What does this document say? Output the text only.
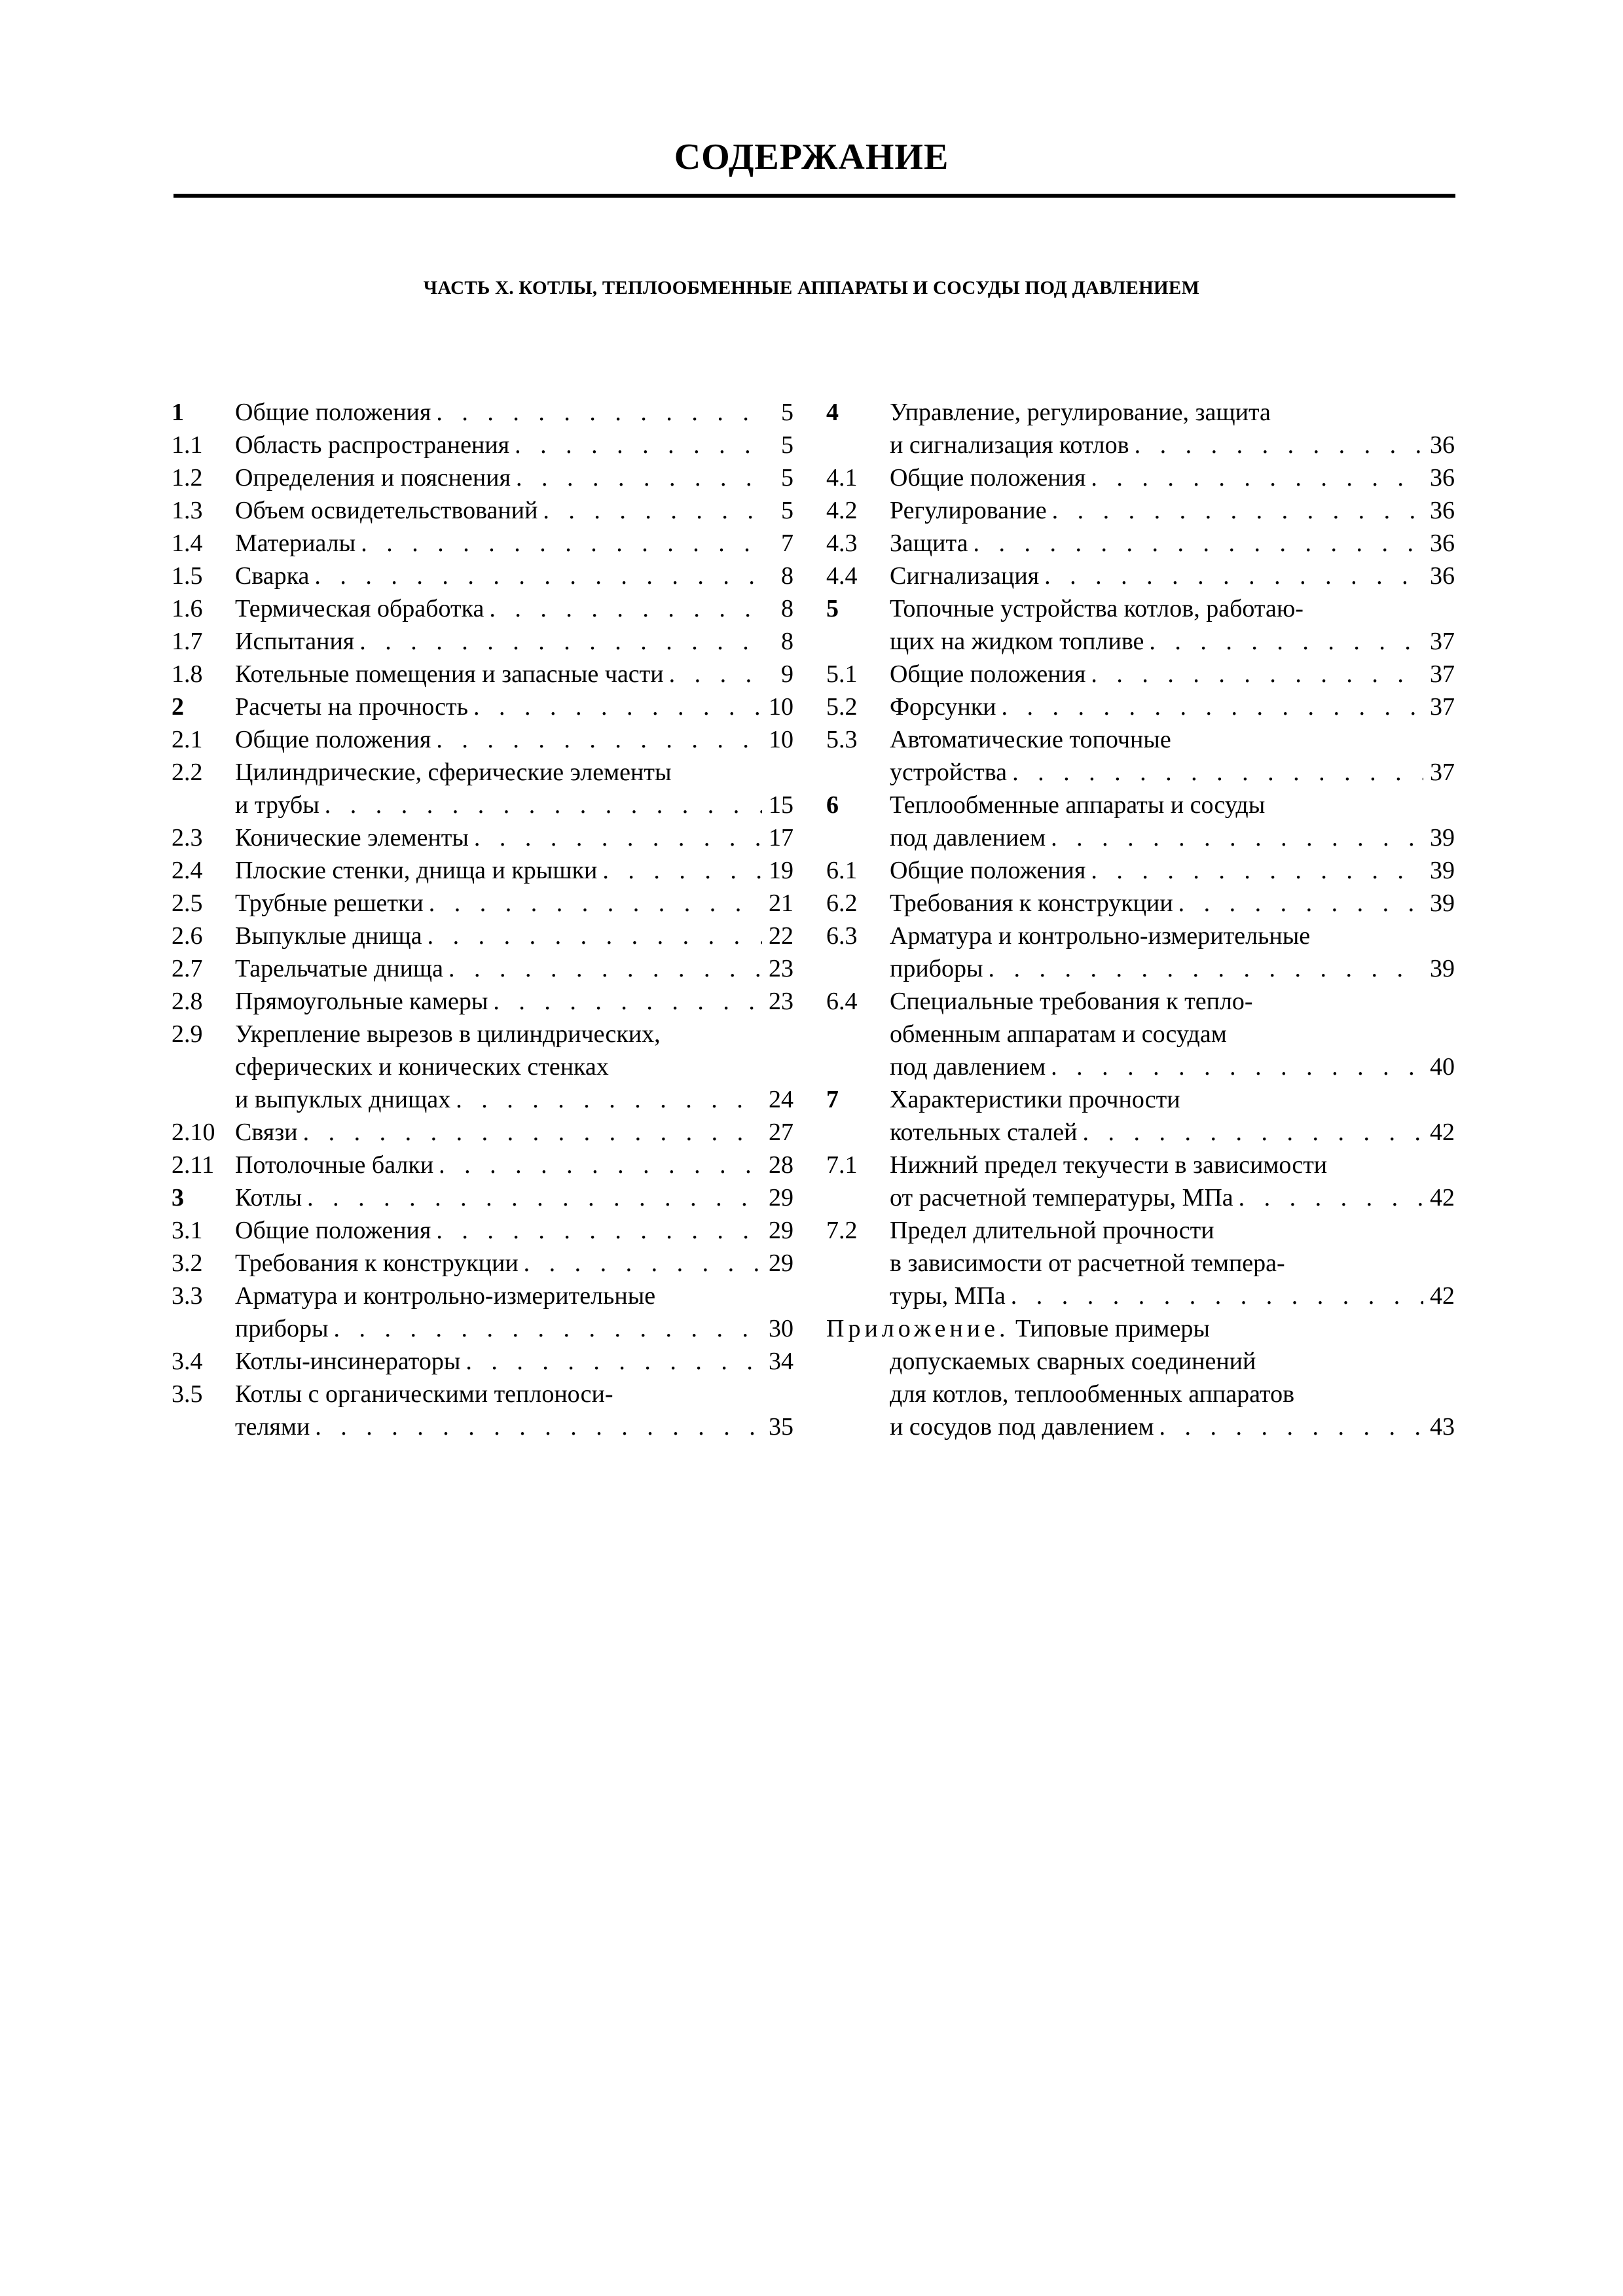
СОДЕРЖАНИЕ
ЧАСТЬ X. КОТЛЫ, ТЕПЛООБМЕННЫЕ АППАРАТЫ И СОСУДЫ ПОД ДАВЛЕНИЕМ
1	Общие положения . . .	5
1.1	Область распространения . . .	5
1.2	Определения и пояснения . . .	5
1.3	Объем освидетельствований . . .	5
1.4	Материалы . . .	7
1.5	Сварка . . .	8
1.6	Термическая обработка . . .	8
1.7	Испытания . . .	8
1.8	Котельные помещения и запасные части . . .	9
2	Расчеты на прочность . . .	10
2.1	Общие положения . . .	10
2.2	Цилиндрические, сферические элементы
и трубы . . .	15
2.3	Конические элементы . . .	17
2.4	Плоские стенки, днища и крышки . . .	19
2.5	Трубные решетки . . .	21
2.6	Выпуклые днища . . .	22
2.7	Тарельчатые днища . . .	23
2.8	Прямоугольные камеры . . .	23
2.9	Укрепление вырезов в цилиндрических,
сферических и конических стенках
и выпуклых днищах . . .	24
2.10 Связи . . .	27
2.11 Потолочные балки . . .	28
3	Котлы . . .	29
3.1	Общие положения . . .	29
3.2	Требования к конструкции . . .	29
3.3	Арматура и контрольно-измерительные
приборы . . .	30
3.4	Котлы-инсинераторы . . .	34
3.5	Котлы с органическими теплоноси-
телями . . .	35
4	Управление, регулирование, защита
и сигнализация котлов . . .	36
4.1	Общие положения . . .	36
4.2	Регулирование . . .	36
4.3	Защита . . .	36
4.4	Сигнализация . . .	36
5	Топочные устройства котлов, работаю-
щих на жидком топливе . . .	37
5.1	Общие положения . . .	37
5.2	Форсунки . . .	37
5.3	Автоматические топочные
устройства . . .	37
6	Теплообменные аппараты и сосуды
под давлением . . .	39
6.1	Общие положения . . .	39
6.2	Требования к конструкции . . .	39
6.3	Арматура и контрольно-измерительные
приборы . . .	39
6.4	Специальные требования к тепло-
обменным аппаратам и сосудам
под давлением . . .	40
7	Характеристики прочности
котельных сталей . . .	42
7.1	Нижний предел текучести в зависимости
от расчетной температуры, МПа . . .	42
7.2	Предел длительной прочности
в зависимости от расчетной темпера-
туры, МПа . . .	42
Приложение. Типовые примеры
допускаемых сварных соединений
для котлов, теплообменных аппаратов
и сосудов под давлением . . .	43
